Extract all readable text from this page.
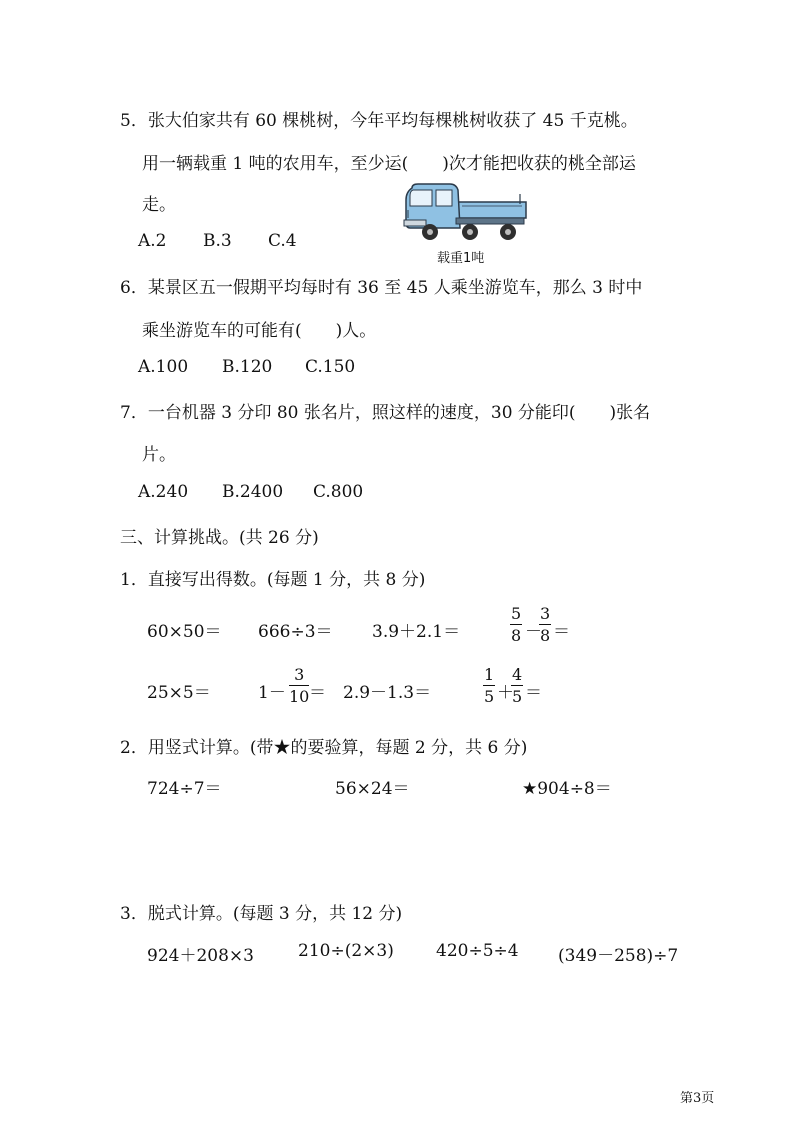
5．张大伯家共有 60 棵桃树，今年平均每棵桃树收获了 45 千克桃。
用一辆载重 1 吨的农用车，至少运(　　)次才能把收获的桃全部运
走。
A.2 B.3 C.4
载重1吨
6．某景区五一假期平均每时有 36 至 45 人乘坐游览车，那么 3 时中
乘坐游览车的可能有(　　)人。
A.100 B.120 C.150
7．一台机器 3 分印 80 张名片，照这样的速度，30 分能印(　　)张名
片。
A.240 B.2400 C.800
三、计算挑战。(共 26 分)
1．直接写出得数。(每题 1 分，共 8 分)
60×50＝ 666÷3＝ 3.9＋2.1＝	$\frac{5}{8}$ －
$\frac{3}{8}$ ＝
25×5＝	$1- \frac{3}{10} = 2.9-1.3=$	$\frac{1}{5}$ ＋
$\frac{4}{5}$ ＝
2．用竖式计算。(带★的要验算，每题 2 分，共 6 分)
724÷7＝	56×24＝	★904÷8＝
3．脱式计算。(每题 3 分，共 12 分)
924＋208×3	210÷(2×3) 420÷5÷4 (349－258)÷7
第3页
